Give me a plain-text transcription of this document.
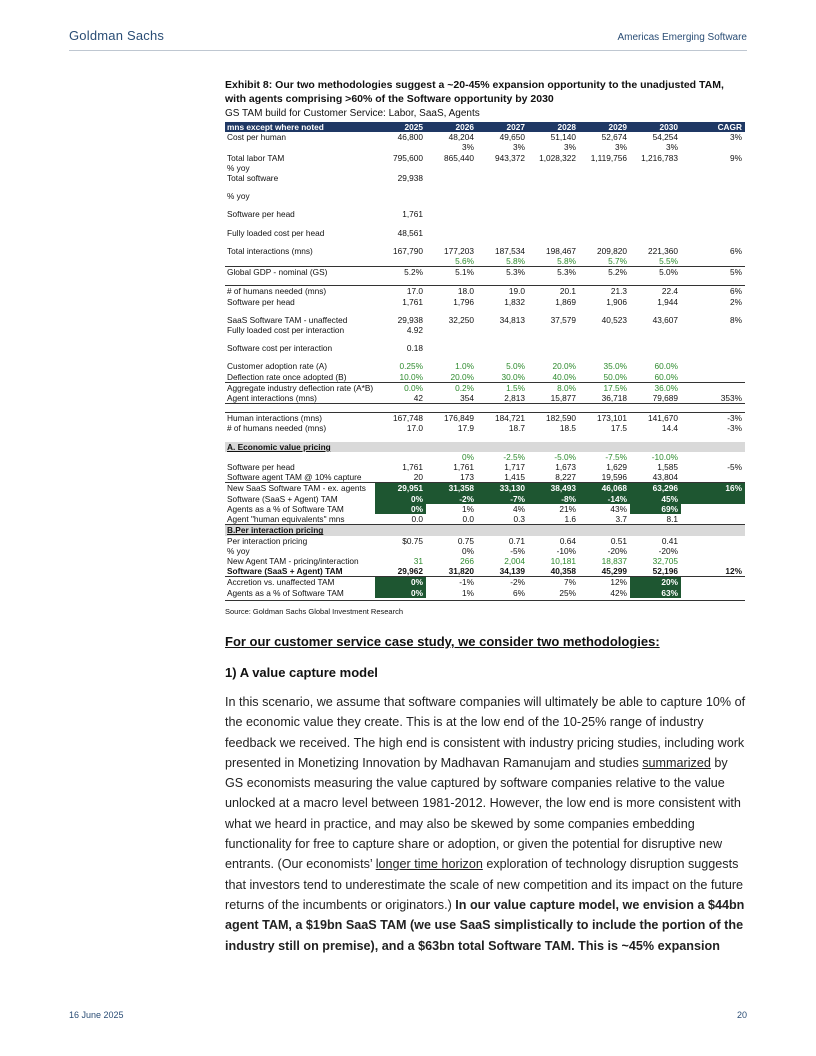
Goldman Sachs	Americas Emerging Software
Exhibit 8: Our two methodologies suggest a ~20-45% expansion opportunity to the unadjusted TAM, with agents comprising >60% of the Software opportunity by 2030
GS TAM build for Customer Service: Labor, SaaS, Agents
mns except where noted	2025	2026	2027	2028	2029	2030	CAGR
Cost per human	46,800	48,204	49,650	51,140	52,674	54,254	3%
		3%	3%	3%	3%	3%	
Total labor TAM	795,600	865,440	943,372	1,028,322	1,119,756	1,216,783	9%
% yoy							
Total software	29,938						

% yoy							

Software per head	1,761						

Fully loaded cost per head	48,561						

Total interactions (mns)	167,790	177,203	187,534	198,467	209,820	221,360	6%
		5.6%	5.8%	5.8%	5.7%	5.5%	
Global GDP - nominal (GS)	5.2%	5.1%	5.3%	5.3%	5.2%	5.0%	5%

# of humans needed (mns)	17.0	18.0	19.0	20.1	21.3	22.4	6%
Software per head	1,761	1,796	1,832	1,869	1,906	1,944	2%

SaaS Software TAM - unaffected	29,938	32,250	34,813	37,579	40,523	43,607	8%
Fully loaded cost per interaction	4.92						

Software cost per interaction	0.18						

Customer adoption rate (A)	0.25%	1.0%	5.0%	20.0%	35.0%	60.0%	
Deflection rate once adopted (B)	10.0%	20.0%	30.0%	40.0%	50.0%	60.0%	
Aggregate industry deflection rate (A*B)	0.0%	0.2%	1.5%	8.0%	17.5%	36.0%	
Agent interactions (mns)	42	354	2,813	15,877	36,718	79,689	353%

Human interactions (mns)	167,748	176,849	184,721	182,590	173,101	141,670	-3%
# of humans needed (mns)	17.0	17.9	18.7	18.5	17.5	14.4	-3%

A. Economic value pricing							
		0%	-2.5%	-5.0%	-7.5%	-10.0%	
Software per head	1,761	1,761	1,717	1,673	1,629	1,585	-5%
Software agent TAM @ 10% capture	20	173	1,415	8,227	19,596	43,804	
New SaaS Software TAM - ex. agents	29,951	31,358	33,130	38,493	46,068	63,296	16%
Software (SaaS + Agent) TAM	0%	-2%	-7%	-8%	-14%	45%	
Agents as a % of Software TAM	0%	1%	4%	21%	43%	69%	
Agent "human equivalents" mns	0.0	0.0	0.3	1.6	3.7	8.1	
B.Per interaction pricing							
Per interaction pricing	$0.75	0.75	0.71	0.64	0.51	0.41	
% yoy		0%	-5%	-10%	-20%	-20%	
New Agent TAM - pricing/interaction	31	266	2,004	10,181	18,837	32,705	
Software (SaaS + Agent) TAM	29,962	31,820	34,139	40,358	45,299	52,196	12%
Accretion vs. unaffected TAM	0%	-1%	-2%	7%	12%	20%	
Agents as a % of Software TAM	0%	1%	6%	25%	42%	63%	
Source: Goldman Sachs Global Investment Research
For our customer service case study, we consider two methodologies:
1) A value capture model

In this scenario, we assume that software companies will ultimately be able to capture 10% of the economic value they create. This is at the low end of the 10-25% range of industry feedback we received. The high end is consistent with industry pricing studies, including work presented in Monetizing Innovation by Madhavan Ramanujam and studies summarized by GS economists measuring the value captured by software companies relative to the value unlocked at a macro level between 1981-2012. However, the low end is more consistent with what we heard in practice, and may also be skewed by some companies embedding functionality for free to capture share or adoption, or given the potential for disruptive new entrants. (Our economists’ longer time horizon exploration of technology disruption suggests that investors tend to underestimate the scale of new competition and its impact on the future returns of the incumbents or originators.) In our value capture model, we envision a $44bn agent TAM, a $19bn SaaS TAM (we use SaaS simplistically to include the portion of the industry still on premise), and a $63bn total Software TAM. This is ~45% expansion

16 June 2025	20
